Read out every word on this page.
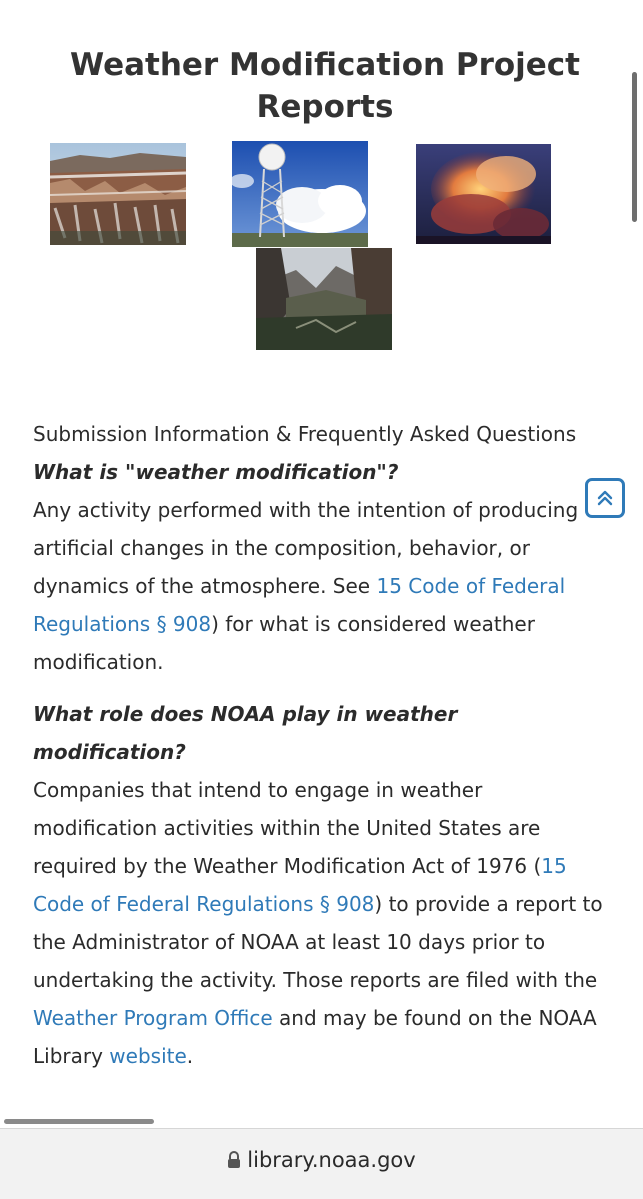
Weather Modification Project Reports

Submission Information & Frequently Asked Questions

What is "weather modification"?

Any activity performed with the intention of producing artificial changes in the composition, behavior, or dynamics of the atmosphere. See 15 Code of Federal Regulations § 908) for what is considered weather modification.

What role does NOAA play in weather modification?

Companies that intend to engage in weather modification activities within the United States are required by the Weather Modification Act of 1976 (15 Code of Federal Regulations § 908) to provide a report to the Administrator of NOAA at least 10 days prior to undertaking the activity. Those reports are filed with the Weather Program Office and may be found on the NOAA Library website.

library.noaa.gov
